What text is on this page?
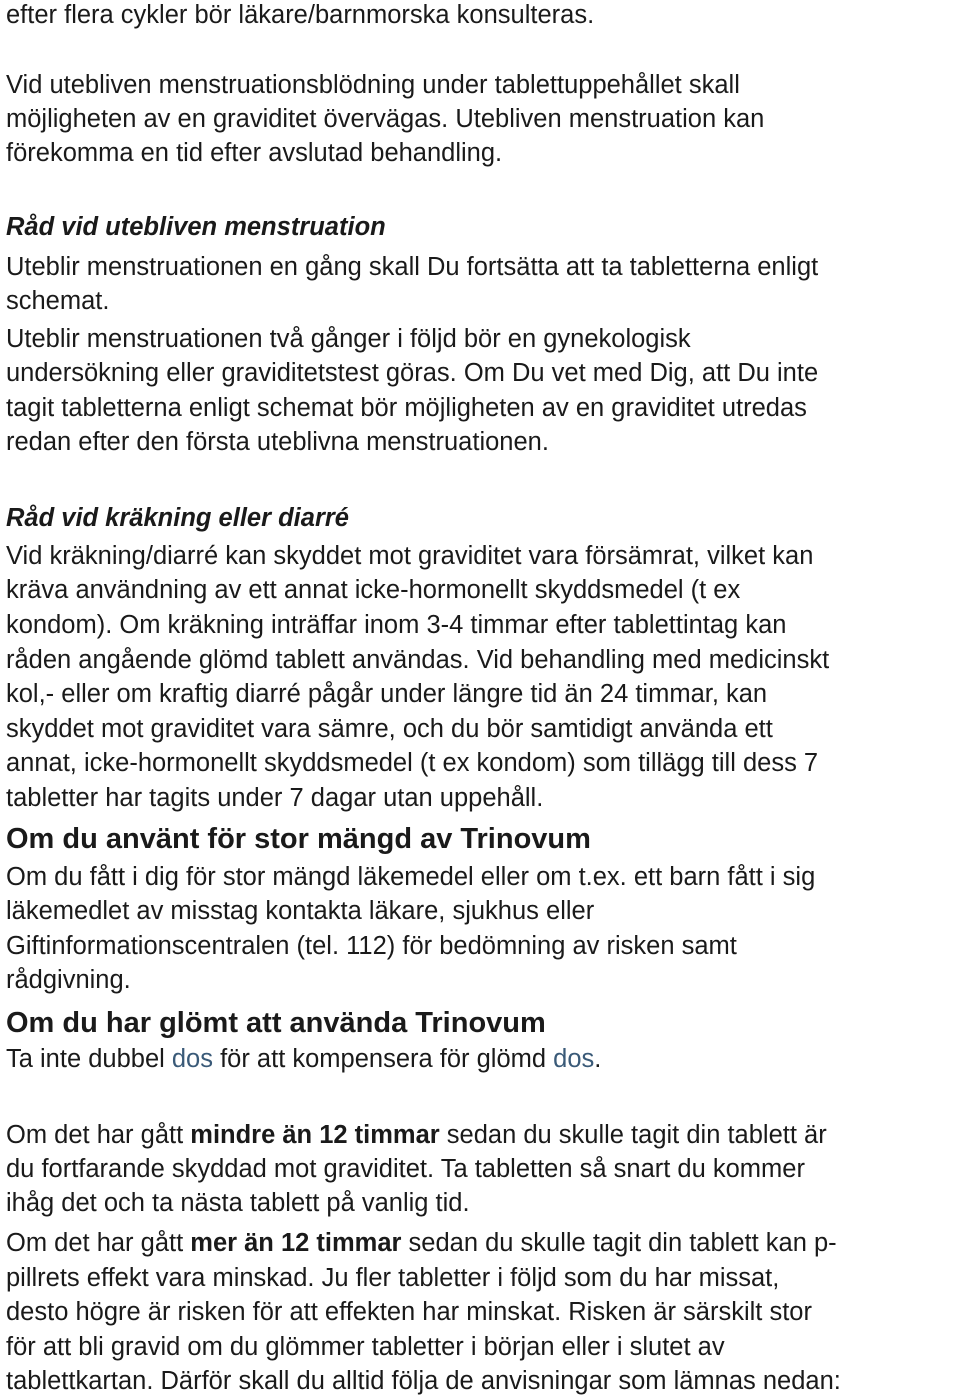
efter flera cykler bör läkare/barnmorska konsulteras.
Vid utebliven menstruationsblödning under tablettuppehållet skall
möjligheten av en graviditet övervägas. Utebliven menstruation kan
förekomma en tid efter avslutad behandling.
Råd vid utebliven menstruation
Uteblir menstruationen en gång skall Du fortsätta att ta tabletterna enligt
schemat.
Uteblir menstruationen två gånger i följd bör en gynekologisk
undersökning eller graviditetstest göras. Om Du vet med Dig, att Du inte
tagit tabletterna enligt schemat bör möjligheten av en graviditet utredas
redan efter den första uteblivna menstruationen.
Råd vid kräkning eller diarré
Vid kräkning/diarré kan skyddet mot graviditet vara försämrat, vilket kan
kräva användning av ett annat icke-hormonellt skyddsmedel (t ex
kondom). Om kräkning inträffar inom 3-4 timmar efter tablettintag kan
råden angående glömd tablett användas. Vid behandling med medicinskt
kol,- eller om kraftig diarré pågår under längre tid än 24 timmar, kan
skyddet mot graviditet vara sämre, och du bör samtidigt använda ett
annat, icke-hormonellt skyddsmedel (t ex kondom) som tillägg till dess 7
tabletter har tagits under 7 dagar utan uppehåll.
Om du använt för stor mängd av Trinovum
Om du fått i dig för stor mängd läkemedel eller om t.ex. ett barn fått i sig
läkemedlet av misstag kontakta läkare, sjukhus eller
Giftinformationscentralen (tel. 112) för bedömning av risken samt
rådgivning.
Om du har glömt att använda Trinovum
Ta inte dubbel dos för att kompensera för glömd dos.
Om det har gått mindre än 12 timmar sedan du skulle tagit din tablett är
du fortfarande skyddad mot graviditet. Ta tabletten så snart du kommer
ihåg det och ta nästa tablett på vanlig tid.
Om det har gått mer än 12 timmar sedan du skulle tagit din tablett kan p-
pillrets effekt vara minskad. Ju fler tabletter i följd som du har missat,
desto högre är risken för att effekten har minskat. Risken är särskilt stor
för att bli gravid om du glömmer tabletter i början eller i slutet av
tablettkartan. Därför skall du alltid följa de anvisningar som lämnas nedan:
